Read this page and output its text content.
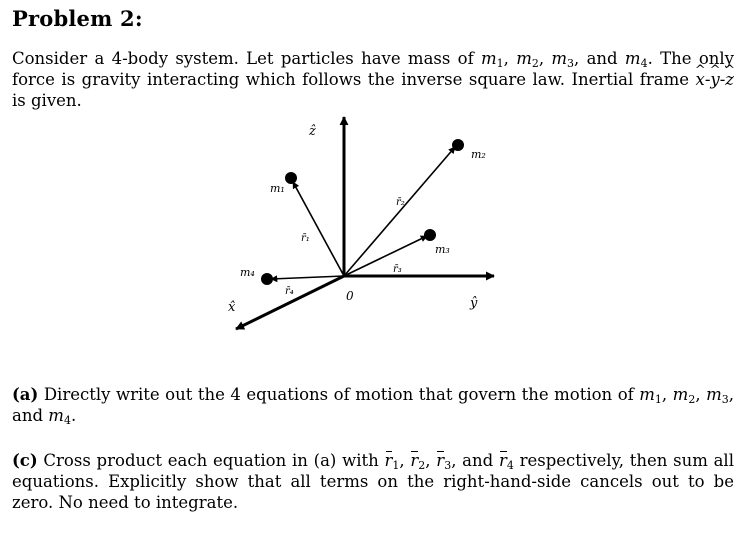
Problem 2:
Consider a 4-body system. Let particles have mass of $m_1$, $m_2$, $m_3$, and $m_4$. The only force is gravity interacting which follows the inverse square law. Inertial frame ^ x-^ y-^ z is given.
ẑ
ŷ
x̂
0
m₁
m₂
m₃
m₄
r̄₁
r̄₂
r̄₃
r̄₄
(a) Directly write out the 4 equations of motion that govern the motion of $m_1$, $m_2$, $m_3$, and $m_4$.
(c) Cross product each equation in (a) with $r_1$, $r_2$, $r_3$, and $r_4$ respectively, then sum all equations. Explicitly show that all terms on the right-hand-side cancels out to be zero. No need to integrate.
